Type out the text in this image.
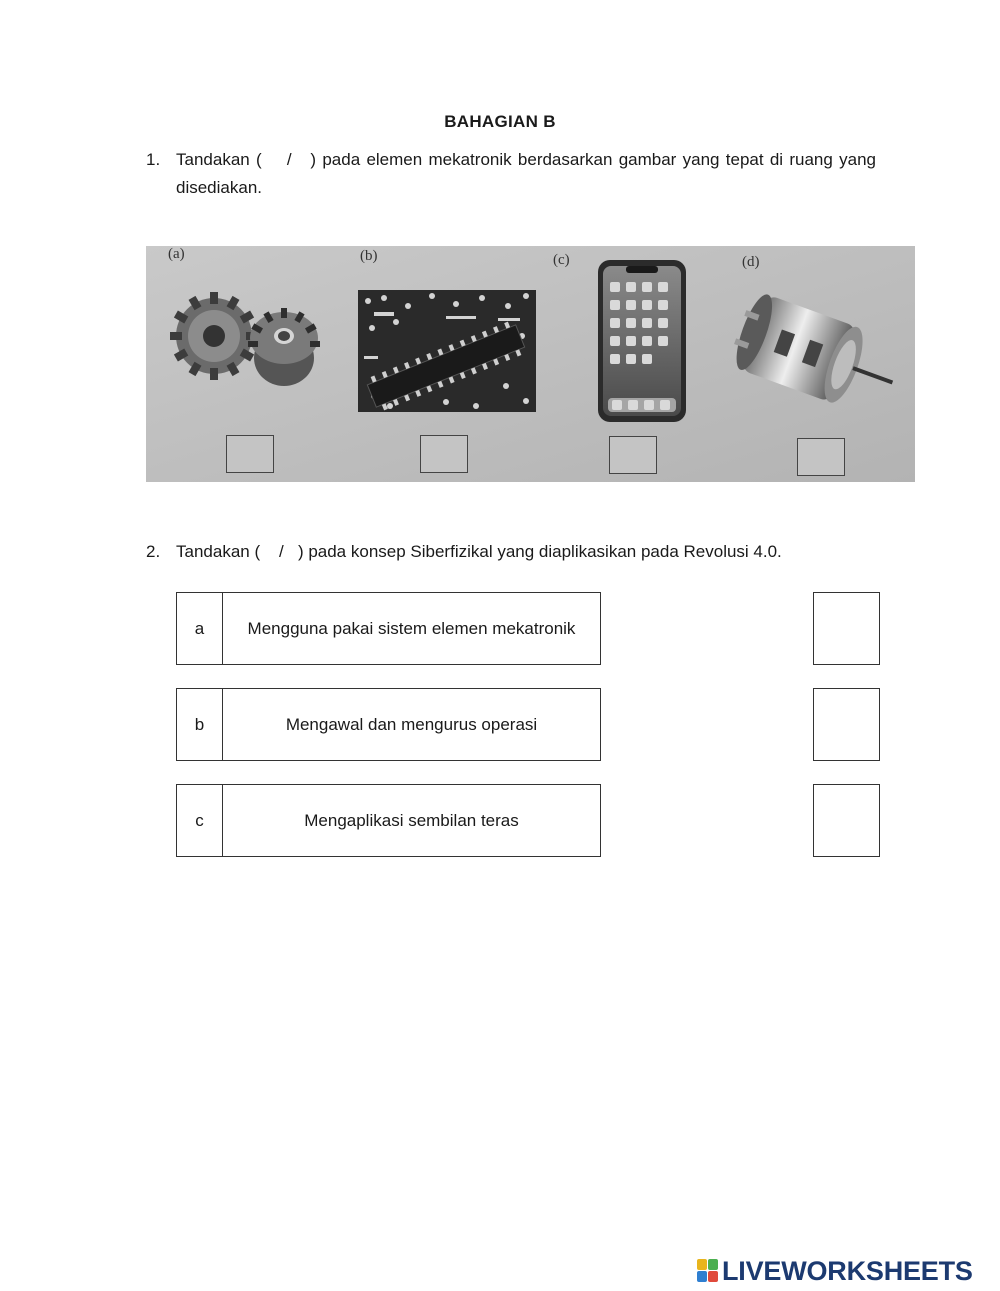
BAHAGIAN B
1. Tandakan ( / ) pada elemen mekatronik berdasarkan gambar yang tepat di ruang yang disediakan.
(a)	(b)	(c)	(d)
2. Tandakan ( / ) pada konsep Siberfizikal yang diaplikasikan pada Revolusi 4.0.
a	Mengguna pakai sistem elemen mekatronik
b	Mengawal dan mengurus operasi
c	Mengaplikasi sembilan teras
LIVEWORKSHEETS
